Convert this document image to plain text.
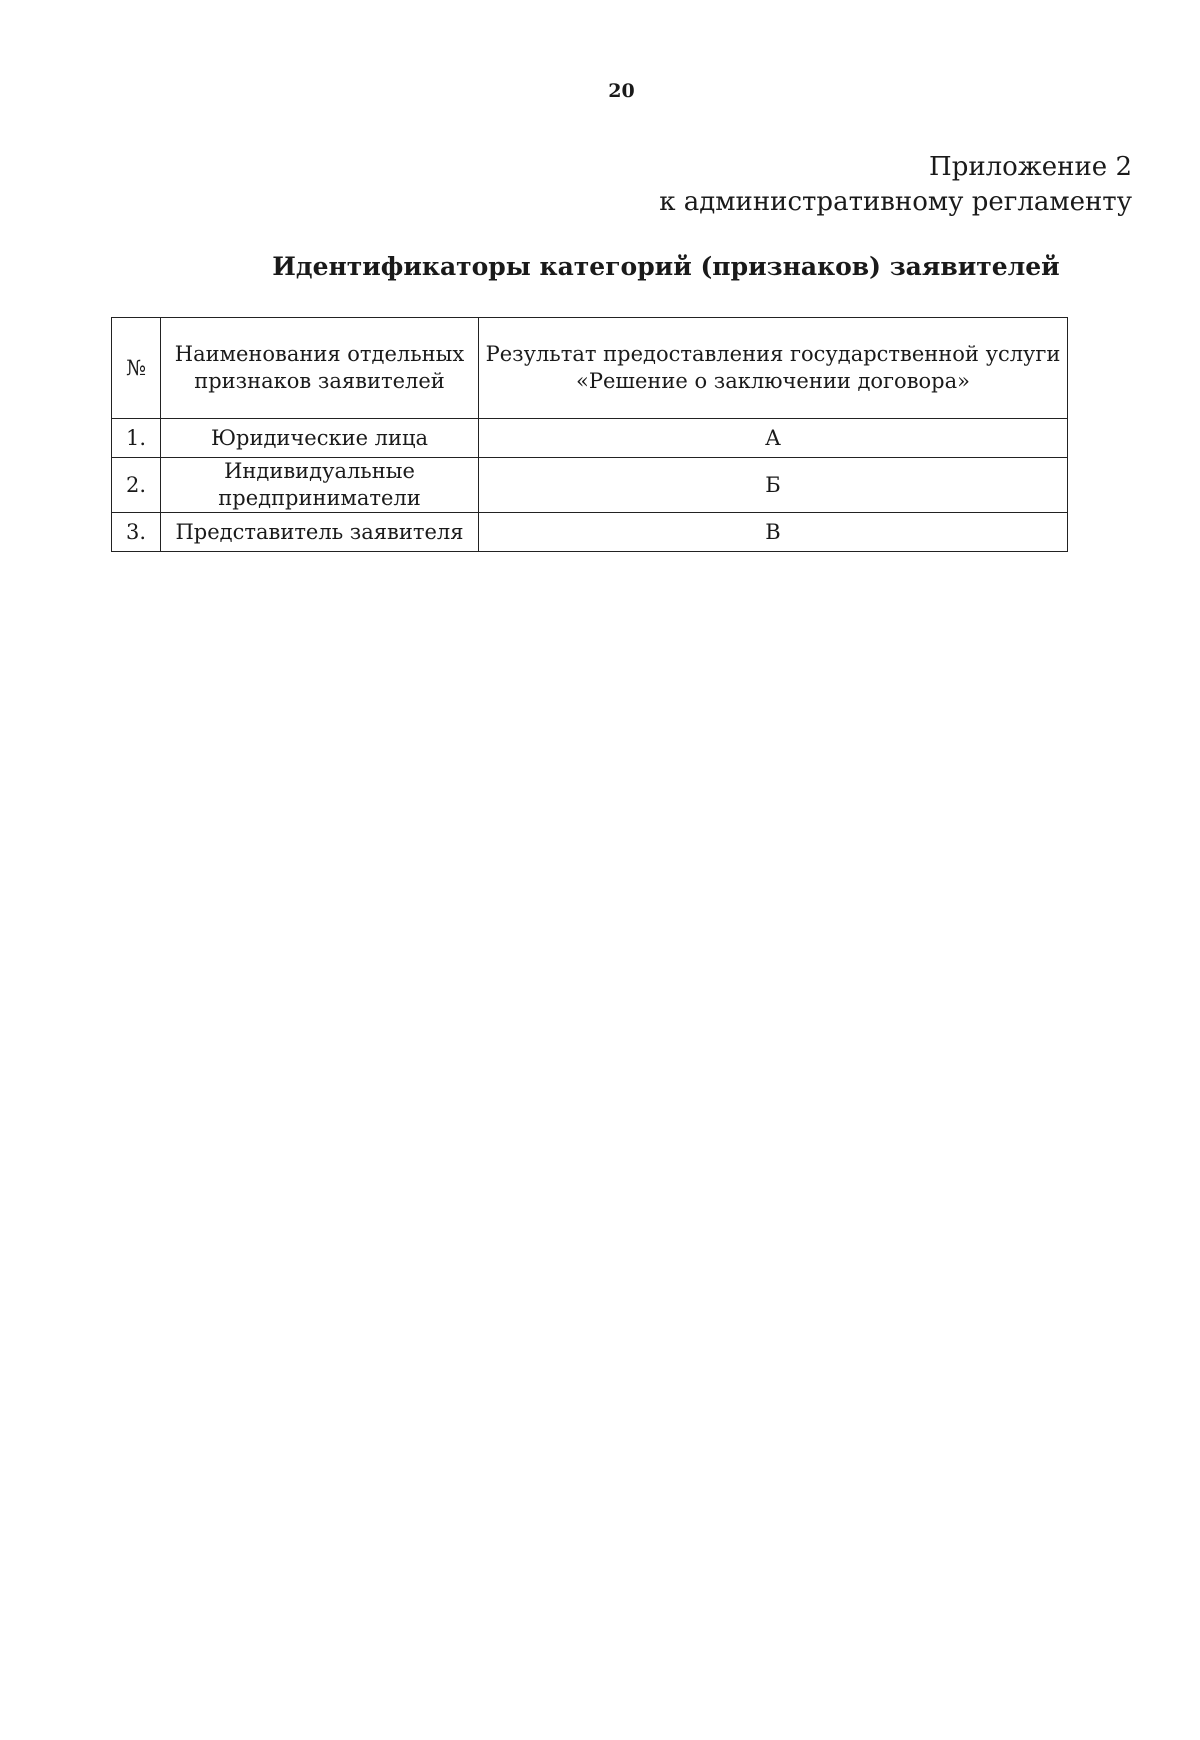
20
Приложение 2
к административному регламенту
Идентификаторы категорий (признаков) заявителей
№	Наименования отдельных признаков заявителей	Результат предоставления государственной услуги «Решение о заключении договора»
1.	Юридические лица	А
2.	Индивидуальные предприниматели	Б
3.	Представитель заявителя	В
